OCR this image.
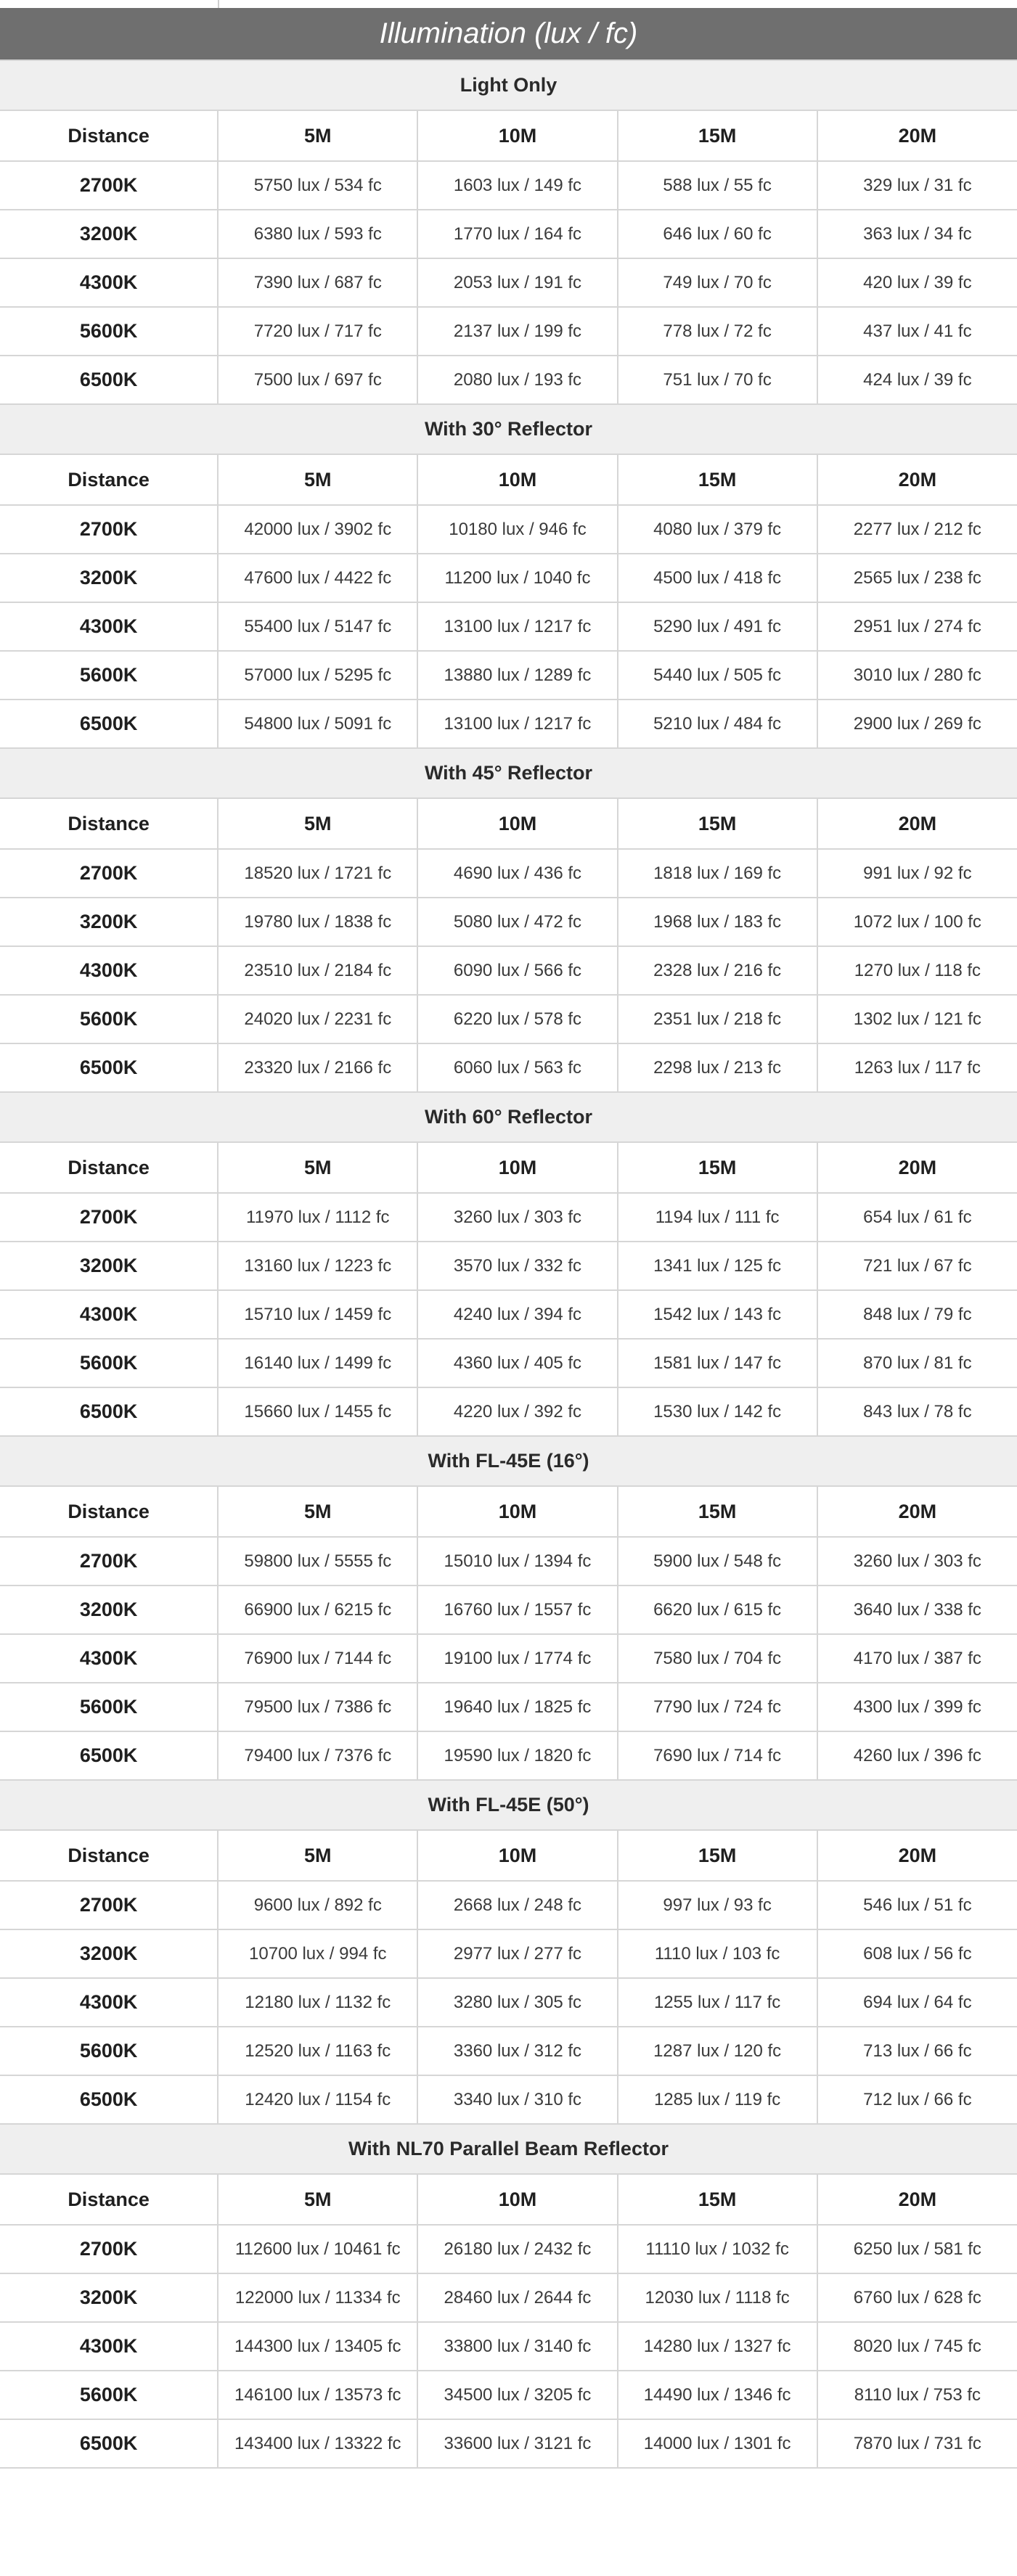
Illumination (lux / fc)
Light Only				
Distance	5M	10M	15M	20M
2700K	5750 lux / 534 fc	1603 lux / 149 fc	588 lux / 55 fc	329 lux / 31 fc
3200K	6380 lux / 593 fc	1770 lux / 164 fc	646 lux / 60 fc	363 lux / 34 fc
4300K	7390 lux / 687 fc	2053 lux / 191 fc	749 lux / 70 fc	420 lux / 39 fc
5600K	7720 lux / 717 fc	2137 lux / 199 fc	778 lux / 72 fc	437 lux / 41 fc
6500K	7500 lux / 697 fc	2080 lux / 193 fc	751 lux / 70 fc	424 lux / 39 fc
With 30° Reflector				
Distance	5M	10M	15M	20M
2700K	42000 lux / 3902 fc	10180 lux / 946 fc	4080 lux / 379 fc	2277 lux / 212 fc
3200K	47600 lux / 4422 fc	11200 lux / 1040 fc	4500 lux / 418 fc	2565 lux / 238 fc
4300K	55400 lux / 5147 fc	13100 lux / 1217 fc	5290 lux / 491 fc	2951 lux / 274 fc
5600K	57000 lux / 5295 fc	13880 lux / 1289 fc	5440 lux / 505 fc	3010 lux / 280 fc
6500K	54800 lux / 5091 fc	13100 lux / 1217 fc	5210 lux / 484 fc	2900 lux / 269 fc
With 45° Reflector				
Distance	5M	10M	15M	20M
2700K	18520 lux / 1721 fc	4690 lux / 436 fc	1818 lux / 169 fc	991 lux / 92 fc
3200K	19780 lux / 1838 fc	5080 lux / 472 fc	1968 lux / 183 fc	1072 lux / 100 fc
4300K	23510 lux / 2184 fc	6090 lux / 566 fc	2328 lux / 216 fc	1270 lux / 118 fc
5600K	24020 lux / 2231 fc	6220 lux / 578 fc	2351 lux / 218 fc	1302 lux / 121 fc
6500K	23320 lux / 2166 fc	6060 lux / 563 fc	2298 lux / 213 fc	1263 lux / 117 fc
With 60° Reflector				
Distance	5M	10M	15M	20M
2700K	11970 lux / 1112 fc	3260 lux / 303 fc	1194 lux / 111 fc	654 lux / 61 fc
3200K	13160 lux / 1223 fc	3570 lux / 332 fc	1341 lux / 125 fc	721 lux / 67 fc
4300K	15710 lux / 1459 fc	4240 lux / 394 fc	1542 lux / 143 fc	848 lux / 79 fc
5600K	16140 lux / 1499 fc	4360 lux / 405 fc	1581 lux / 147 fc	870 lux / 81 fc
6500K	15660 lux / 1455 fc	4220 lux / 392 fc	1530 lux / 142 fc	843 lux / 78 fc
With FL-45E (16°)				
Distance	5M	10M	15M	20M
2700K	59800 lux / 5555 fc	15010 lux / 1394 fc	5900 lux / 548 fc	3260 lux / 303 fc
3200K	66900 lux / 6215 fc	16760 lux / 1557 fc	6620 lux / 615 fc	3640 lux / 338 fc
4300K	76900 lux / 7144 fc	19100 lux / 1774 fc	7580 lux / 704 fc	4170 lux / 387 fc
5600K	79500 lux / 7386 fc	19640 lux / 1825 fc	7790 lux / 724 fc	4300 lux / 399 fc
6500K	79400 lux / 7376 fc	19590 lux / 1820 fc	7690 lux / 714 fc	4260 lux / 396 fc
With FL-45E (50°)				
Distance	5M	10M	15M	20M
2700K	9600 lux / 892 fc	2668 lux / 248 fc	997 lux / 93 fc	546 lux / 51 fc
3200K	10700 lux / 994 fc	2977 lux / 277 fc	1110 lux / 103 fc	608 lux / 56 fc
4300K	12180 lux / 1132 fc	3280 lux / 305 fc	1255 lux / 117 fc	694 lux / 64 fc
5600K	12520 lux / 1163 fc	3360 lux / 312 fc	1287 lux / 120 fc	713 lux / 66 fc
6500K	12420 lux / 1154 fc	3340 lux / 310 fc	1285 lux / 119 fc	712 lux / 66 fc
With NL70 Parallel Beam Reflector				
Distance	5M	10M	15M	20M
2700K	112600 lux / 10461 fc	26180 lux / 2432 fc	11110 lux / 1032 fc	6250 lux / 581 fc
3200K	122000 lux / 11334 fc	28460 lux / 2644 fc	12030 lux / 1118 fc	6760 lux / 628 fc
4300K	144300 lux / 13405 fc	33800 lux / 3140 fc	14280 lux / 1327 fc	8020 lux / 745 fc
5600K	146100 lux / 13573 fc	34500 lux / 3205 fc	14490 lux / 1346 fc	8110 lux / 753 fc
6500K	143400 lux / 13322 fc	33600 lux / 3121 fc	14000 lux / 1301 fc	7870 lux / 731 fc
